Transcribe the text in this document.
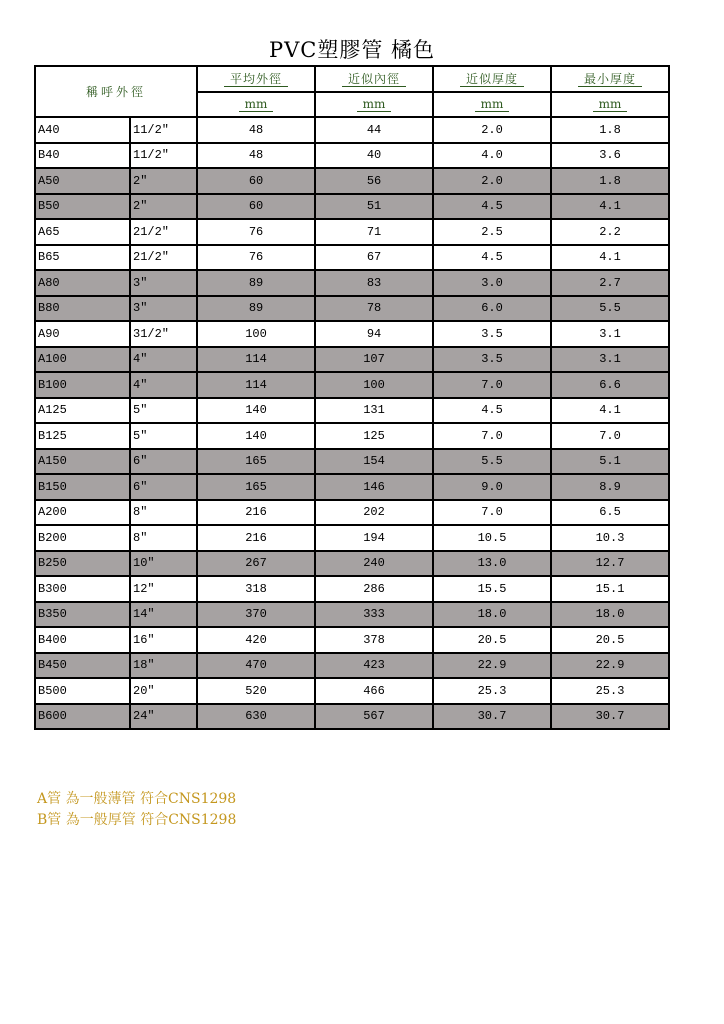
PVC塑膠管 橘色
稱呼外徑		平均外徑	近似內徑	近似厚度	最小厚度
		mm	mm	mm	mm
A40	11/2"	48	44	2.0	1.8
B40	11/2"	48	40	4.0	3.6
A50	2"	60	56	2.0	1.8
B50	2"	60	51	4.5	4.1
A65	21/2"	76	71	2.5	2.2
B65	21/2"	76	67	4.5	4.1
A80	3"	89	83	3.0	2.7
B80	3"	89	78	6.0	5.5
A90	31/2"	100	94	3.5	3.1
A100	4"	114	107	3.5	3.1
B100	4"	114	100	7.0	6.6
A125	5"	140	131	4.5	4.1
B125	5"	140	125	7.0	7.0
A150	6"	165	154	5.5	5.1
B150	6"	165	146	9.0	8.9
A200	8"	216	202	7.0	6.5
B200	8"	216	194	10.5	10.3
B250	10"	267	240	13.0	12.7
B300	12"	318	286	15.5	15.1
B350	14"	370	333	18.0	18.0
B400	16"	420	378	20.5	20.5
B450	18"	470	423	22.9	22.9
B500	20"	520	466	25.3	25.3
B600	24"	630	567	30.7	30.7
A管 為一般薄管 符合CNS1298
B管 為一般厚管 符合CNS1298
